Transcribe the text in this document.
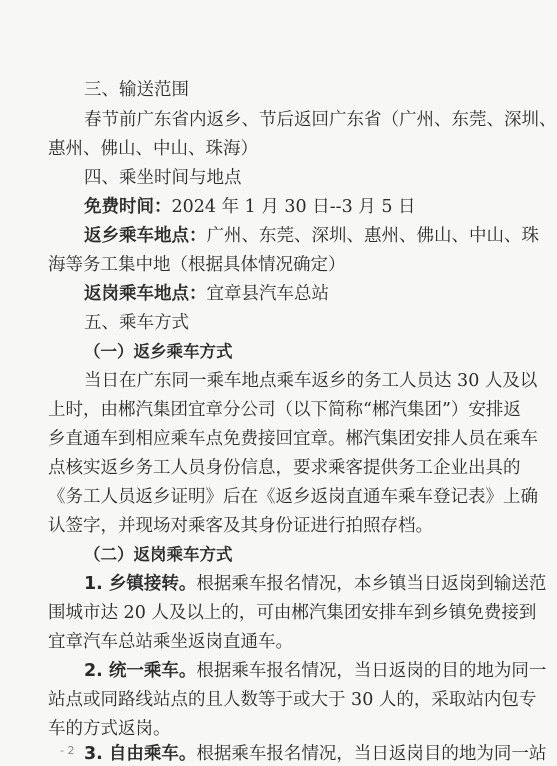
三、输送范围
春节前广东省内返乡、节后返回广东省（广州、东莞、深圳、
惠州、佛山、中山、珠海）
四、乘坐时间与地点
免费时间：2024 年 1 月 30 日--3 月 5 日
返乡乘车地点：广州、东莞、深圳、惠州、佛山、中山、珠
海等务工集中地（根据具体情况确定）
返岗乘车地点：宜章县汽车总站
五、乘车方式
（一）返乡乘车方式
当日在广东同一乘车地点乘车返乡的务工人员达 30 人及以
上时，由郴汽集团宜章分公司（以下简称“郴汽集团”）安排返
乡直通车到相应乘车点免费接回宜章。郴汽集团安排人员在乘车
点核实返乡务工人员身份信息，要求乘客提供务工企业出具的
《务工人员返乡证明》后在《返乡返岗直通车乘车登记表》上确
认签字，并现场对乘客及其身份证进行拍照存档。
（二）返岗乘车方式
1. 乡镇接转。根据乘车报名情况，本乡镇当日返岗到输送范
围城市达 20 人及以上的，可由郴汽集团安排车到乡镇免费接到
宜章汽车总站乘坐返岗直通车。
2. 统一乘车。根据乘车报名情况，当日返岗的目的地为同一
站点或同路线站点的且人数等于或大于 30 人的，采取站内包专
车的方式返岗。
3. 自由乘车。根据乘车报名情况，当日返岗目的地为同一站
- 2
